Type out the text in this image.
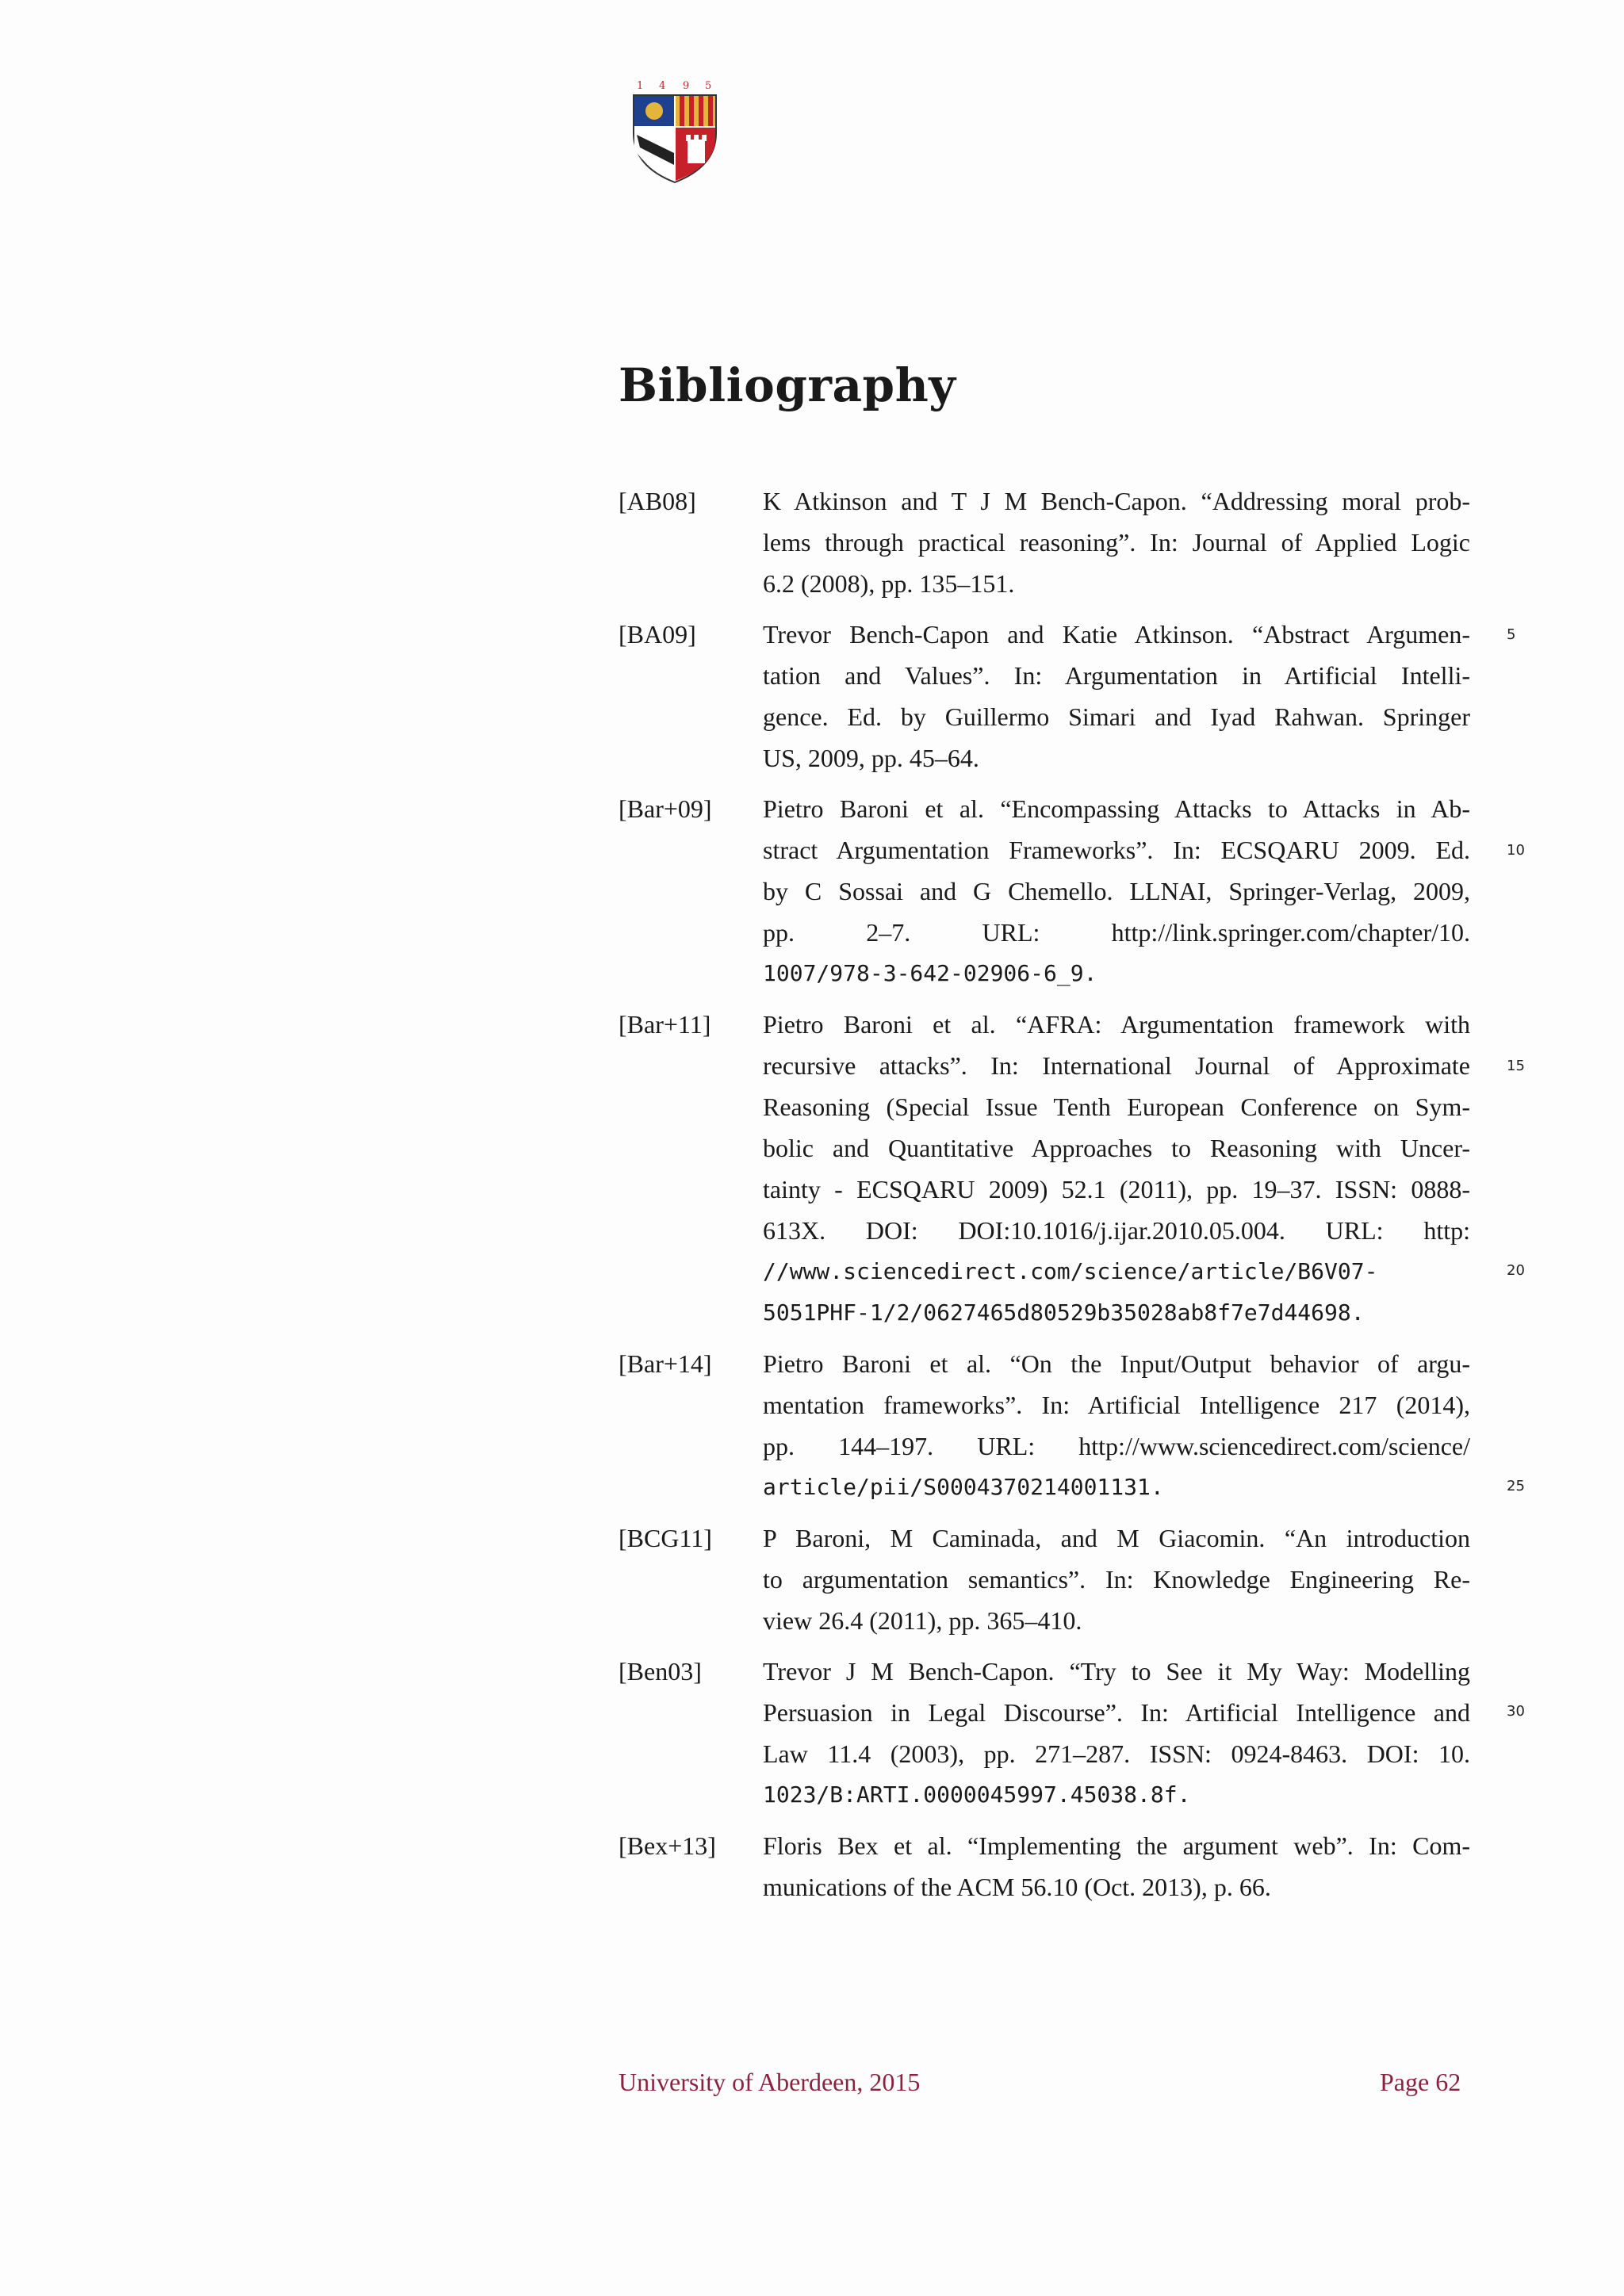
1 4 9 5
Bibliography
[AB08]	K Atkinson and T J M Bench-Capon. “Addressing moral prob-
lems through practical reasoning”. In: Journal of Applied Logic
6.2 (2008), pp. 135–151.
[BA09]	Trevor Bench-Capon and Katie Atkinson. “Abstract Argumen-
tation and Values”. In: Argumentation in Artificial Intelli-
gence. Ed. by Guillermo Simari and Iyad Rahwan. Springer
US, 2009, pp. 45–64.
[Bar+09]	Pietro Baroni et al. “Encompassing Attacks to Attacks in Ab-
stract Argumentation Frameworks”. In: ECSQARU 2009. Ed.
by C Sossai and G Chemello. LLNAI, Springer-Verlag, 2009,
pp. 2–7. URL: http://link.springer.com/chapter/10.
1007/978-3-642-02906-6_9.
[Bar+11]	Pietro Baroni et al. “AFRA: Argumentation framework with
recursive attacks”. In: International Journal of Approximate
Reasoning (Special Issue Tenth European Conference on Sym-
bolic and Quantitative Approaches to Reasoning with Uncer-
tainty - ECSQARU 2009) 52.1 (2011), pp. 19–37. ISSN: 0888-
613X. DOI: DOI:10.1016/j.ijar.2010.05.004. URL: http:
//www.sciencedirect.com/science/article/B6V07-
5051PHF-1/2/0627465d80529b35028ab8f7e7d44698.
[Bar+14]	Pietro Baroni et al. “On the Input/Output behavior of argu-
mentation frameworks”. In: Artificial Intelligence 217 (2014),
pp. 144–197. URL: http://www.sciencedirect.com/science/
article/pii/S0004370214001131.
[BCG11]	P Baroni, M Caminada, and M Giacomin. “An introduction
to argumentation semantics”. In: Knowledge Engineering Re-
view 26.4 (2011), pp. 365–410.
[Ben03]	Trevor J M Bench-Capon. “Try to See it My Way: Modelling
Persuasion in Legal Discourse”. In: Artificial Intelligence and
Law 11.4 (2003), pp. 271–287. ISSN: 0924-8463. DOI: 10.
1023/B:ARTI.0000045997.45038.8f.
[Bex+13]	Floris Bex et al. “Implementing the argument web”. In: Com-
munications of the ACM 56.10 (Oct. 2013), p. 66.
5
10
15
20
25
30
University of Aberdeen, 2015	Page 62
